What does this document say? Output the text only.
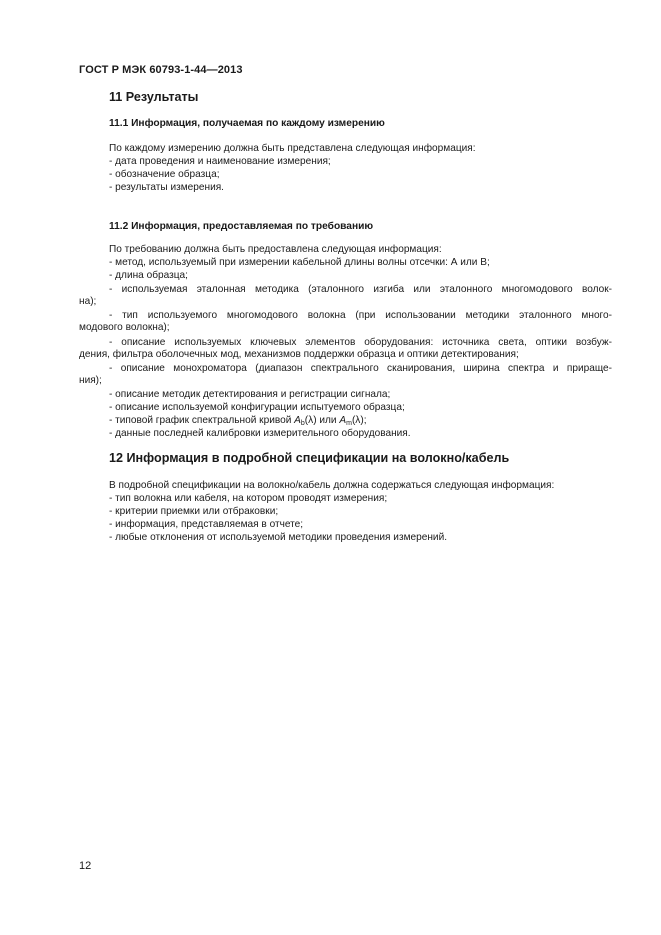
ГОСТ Р МЭК 60793-1-44—2013
11 Результаты
11.1 Информация, получаемая по каждому измерению
По каждому измерению должна быть представлена следующая информация:
- дата проведения и наименование измерения;
- обозначение образца;
- результаты измерения.
11.2 Информация, предоставляемая по требованию
По требованию должна быть предоставлена следующая информация:
- метод, используемый при измерении кабельной длины волны отсечки: А или В;
- длина образца;
- используемая эталонная методика (эталонного изгиба или эталонного многомодового волок-
на);
- тип используемого многомодового волокна (при использовании методики эталонного много-
модового волокна);
- описание используемых ключевых элементов оборудования: источника света, оптики возбуж-
дения, фильтра оболочечных мод, механизмов поддержки образца и оптики детектирования;
- описание монохроматора (диапазон спектрального сканирования, ширина спектра и прираще-
ния);
- описание методик детектирования и регистрации сигнала;
- описание используемой конфигурации испытуемого образца;
- типовой график спектральной кривой $A_b(\lambda)$ или $A_m(\lambda)$;
- данные последней калибровки измерительного оборудования.
12 Информация в подробной спецификации на волокно/кабель
В подробной спецификации на волокно/кабель должна содержаться следующая информация:
- тип волокна или кабеля, на котором проводят измерения;
- критерии приемки или отбраковки;
- информация, представляемая в отчете;
- любые отклонения от используемой методики проведения измерений.
12
